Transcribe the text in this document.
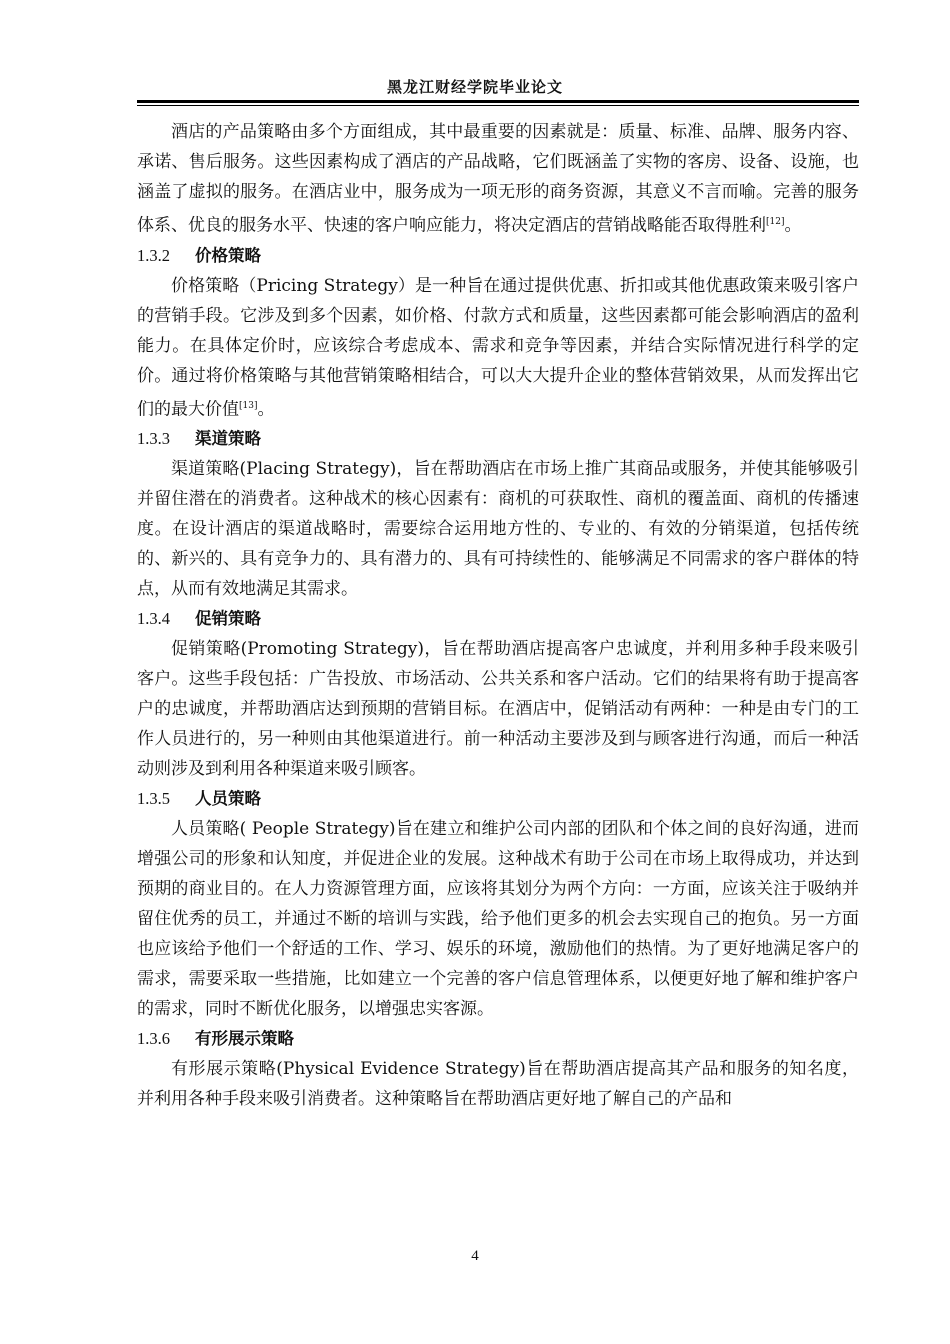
黑龙江财经学院毕业论文

酒店的产品策略由多个方面组成，其中最重要的因素就是：质量、标准、品牌、服务内容、承诺、售后服务。这些因素构成了酒店的产品战略，它们既涵盖了实物的客房、设备、设施，也涵盖了虚拟的服务。在酒店业中，服务成为一项无形的商务资源，其意义不言而喻。完善的服务体系、优良的服务水平、快速的客户响应能力，将决定酒店的营销战略能否取得胜利[12]。

1.3.2 价格策略

价格策略（Pricing Strategy）是一种旨在通过提供优惠、折扣或其他优惠政策来吸引客户的营销手段。它涉及到多个因素，如价格、付款方式和质量，这些因素都可能会影响酒店的盈利能力。在具体定价时，应该综合考虑成本、需求和竞争等因素，并结合实际情况进行科学的定价。通过将价格策略与其他营销策略相结合，可以大大提升企业的整体营销效果，从而发挥出它们的最大价值[13]。

1.3.3 渠道策略

渠道策略(Placing Strategy)，旨在帮助酒店在市场上推广其商品或服务，并使其能够吸引并留住潜在的消费者。这种战术的核心因素有：商机的可获取性、商机的覆盖面、商机的传播速度。在设计酒店的渠道战略时，需要综合运用地方性的、专业的、有效的分销渠道，包括传统的、新兴的、具有竞争力的、具有潜力的、具有可持续性的、能够满足不同需求的客户群体的特点，从而有效地满足其需求。

1.3.4 促销策略

促销策略(Promoting Strategy)，旨在帮助酒店提高客户忠诚度，并利用多种手段来吸引客户。这些手段包括：广告投放、市场活动、公共关系和客户活动。它们的结果将有助于提高客户的忠诚度，并帮助酒店达到预期的营销目标。在酒店中，促销活动有两种：一种是由专门的工作人员进行的，另一种则由其他渠道进行。前一种活动主要涉及到与顾客进行沟通，而后一种活动则涉及到利用各种渠道来吸引顾客。

1.3.5 人员策略

人员策略( People Strategy)旨在建立和维护公司内部的团队和个体之间的良好沟通，进而增强公司的形象和认知度，并促进企业的发展。这种战术有助于公司在市场上取得成功，并达到预期的商业目的。在人力资源管理方面，应该将其划分为两个方向：一方面，应该关注于吸纳并留住优秀的员工，并通过不断的培训与实践，给予他们更多的机会去实现自己的抱负。另一方面也应该给予他们一个舒适的工作、学习、娱乐的环境，激励他们的热情。为了更好地满足客户的需求，需要采取一些措施，比如建立一个完善的客户信息管理体系，以便更好地了解和维护客户的需求，同时不断优化服务，以增强忠实客源。

1.3.6 有形展示策略

有形展示策略(Physical Evidence Strategy)旨在帮助酒店提高其产品和服务的知名度，并利用各种手段来吸引消费者。这种策略旨在帮助酒店更好地了解自己的产品和

4
